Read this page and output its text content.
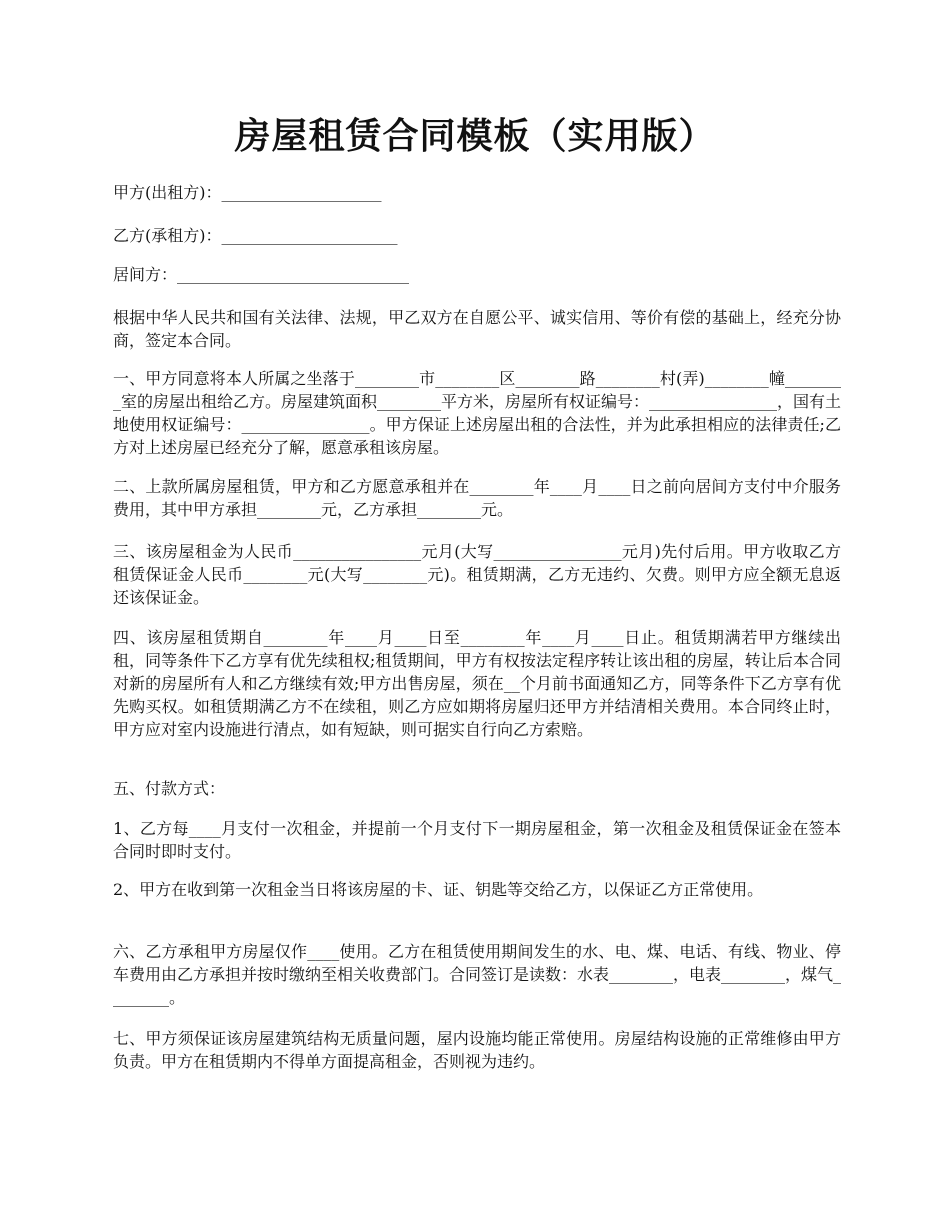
房屋租赁合同模板（实用版）
甲方(出租方)：____________________
乙方(承租方)：______________________
居间方：_____________________________
根据中华人民共和国有关法律、法规，甲乙双方在自愿公平、诚实信用、等价有偿的基础上，经充分协商，签定本合同。
一、甲方同意将本人所属之坐落于________市________区________路________村(弄)________幢________室的房屋出租给乙方。房屋建筑面积________平方米，房屋所有权证编号：________________，国有土地使用权证编号：________________。甲方保证上述房屋出租的合法性，并为此承担相应的法律责任;乙方对上述房屋已经充分了解，愿意承租该房屋。
二、上款所属房屋租赁，甲方和乙方愿意承租并在________年____月____日之前向居间方支付中介服务费用，其中甲方承担________元，乙方承担________元。
三、该房屋租金为人民币________________元月(大写________________元月)先付后用。甲方收取乙方租赁保证金人民币________元(大写________元)。租赁期满，乙方无违约、欠费。则甲方应全额无息返还该保证金。
四、该房屋租赁期自________年____月____日至________年____月____日止。租赁期满若甲方继续出租，同等条件下乙方享有优先续租权;租赁期间，甲方有权按法定程序转让该出租的房屋，转让后本合同对新的房屋所有人和乙方继续有效;甲方出售房屋，须在__个月前书面通知乙方，同等条件下乙方享有优先购买权。如租赁期满乙方不在续租，则乙方应如期将房屋归还甲方并结清相关费用。本合同终止时，甲方应对室内设施进行清点，如有短缺，则可据实自行向乙方索赔。
五、付款方式：
1、乙方每____月支付一次租金，并提前一个月支付下一期房屋租金，第一次租金及租赁保证金在签本合同时即时支付。
2、甲方在收到第一次租金当日将该房屋的卡、证、钥匙等交给乙方，以保证乙方正常使用。
六、乙方承租甲方房屋仅作____使用。乙方在租赁使用期间发生的水、电、煤、电话、有线、物业、停车费用由乙方承担并按时缴纳至相关收费部门。合同签订是读数：水表________，电表________，煤气________。
七、甲方须保证该房屋建筑结构无质量问题，屋内设施均能正常使用。房屋结构设施的正常维修由甲方负责。甲方在租赁期内不得单方面提高租金，否则视为违约。
